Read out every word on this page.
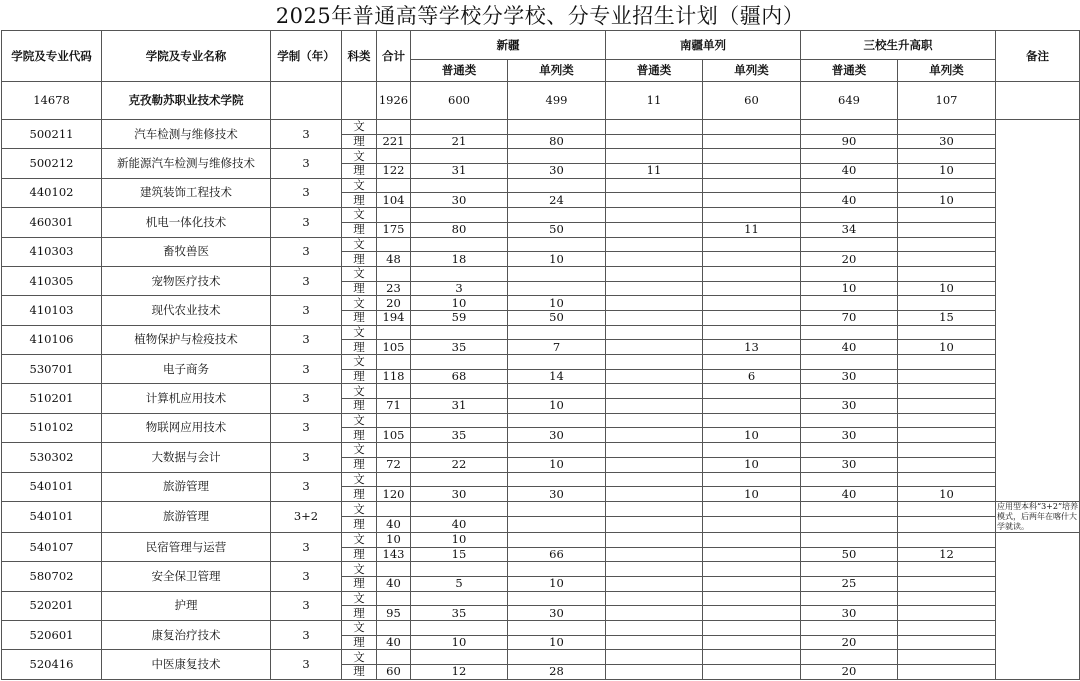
2025年普通高等学校分学校、分专业招生计划（疆内）
学院及专业代码	学院及专业名称	学制（年）	科类	合计	新疆		南疆单列		三校生升高职		备注
					普通类	单列类	普通类	单列类	普通类	单列类	
14678	克孜勒苏职业技术学院			1926	600	499	11	60	649	107	
500211	汽车检测与维修技术	3	文								
			理	221	21	80			90	30	
500212	新能源汽车检测与维修技术	3	文								
			理	122	31	30	11		40	10	
440102	建筑装饰工程技术	3	文								
			理	104	30	24			40	10	
460301	机电一体化技术	3	文								
			理	175	80	50		11	34		
410303	畜牧兽医	3	文								
			理	48	18	10			20		
410305	宠物医疗技术	3	文								
			理	23	3				10	10	
410103	现代农业技术	3	文	20	10	10					
			理	194	59	50			70	15	
410106	植物保护与检疫技术	3	文								
			理	105	35	7		13	40	10	
530701	电子商务	3	文								
			理	118	68	14		6	30		
510201	计算机应用技术	3	文								
			理	71	31	10			30		
510102	物联网应用技术	3	文								
			理	105	35	30		10	30		
530302	大数据与会计	3	文								
			理	72	22	10		10	30		
540101	旅游管理	3	文								
			理	120	30	30		10	40	10	
540101	旅游管理	3+2	文								应用型本科“3+2”培养模式，后两年在喀什大学就读。
			理	40	40						
540107	民宿管理与运营	3	文	10	10						
			理	143	15	66			50	12	
580702	安全保卫管理	3	文								
			理	40	5	10			25		
520201	护理	3	文								
			理	95	35	30			30		
520601	康复治疗技术	3	文								
			理	40	10	10			20		
520416	中医康复技术	3	文								
			理	60	12	28			20		
